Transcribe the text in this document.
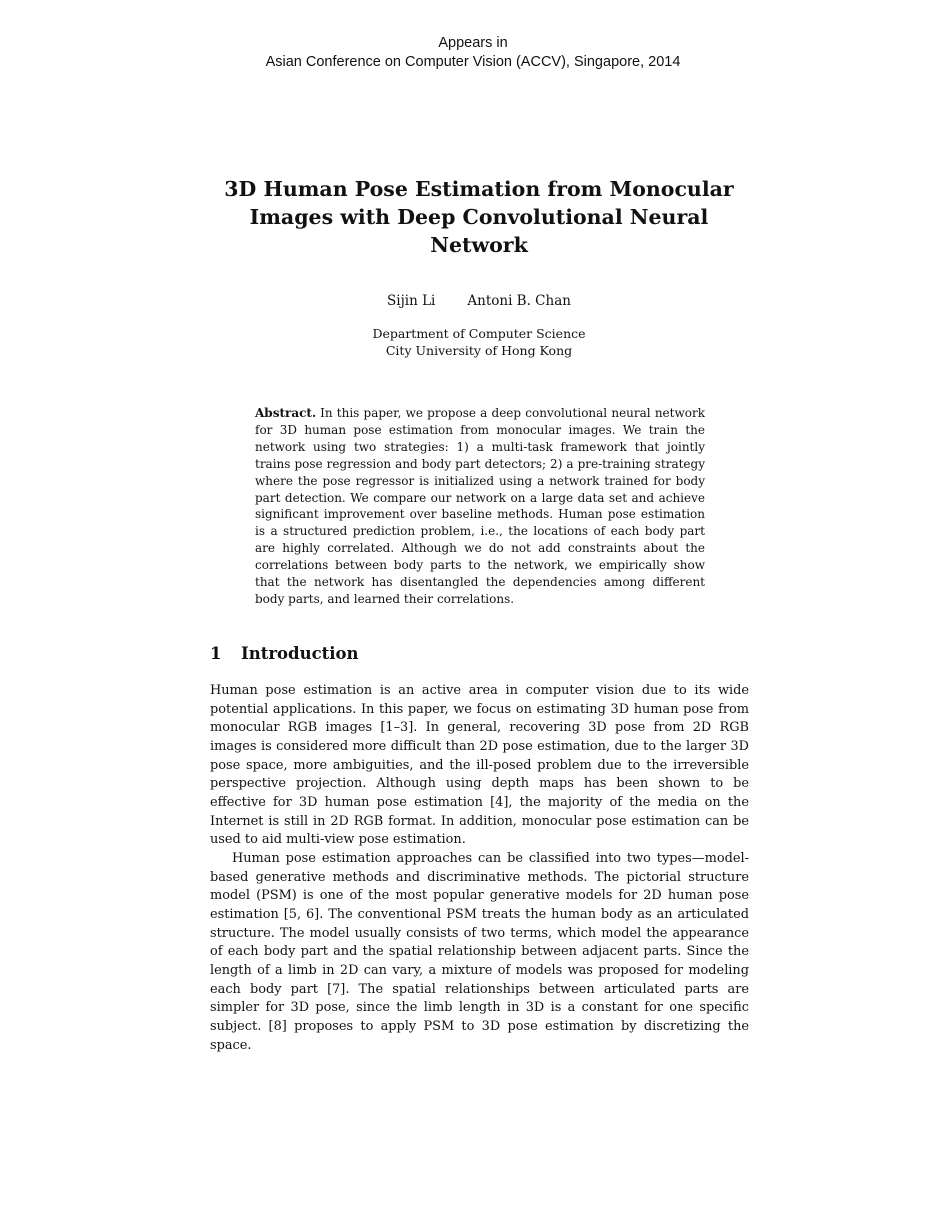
Appears in
Asian Conference on Computer Vision (ACCV), Singapore, 2014
3D Human Pose Estimation from Monocular Images with Deep Convolutional Neural Network
Sijin Li Antoni B. Chan
Department of Computer Science
City University of Hong Kong
Abstract. In this paper, we propose a deep convolutional neural network for 3D human pose estimation from monocular images. We train the network using two strategies: 1) a multi-task framework that jointly trains pose regression and body part detectors; 2) a pre-training strategy where the pose regressor is initialized using a network trained for body part detection. We compare our network on a large data set and achieve significant improvement over baseline methods. Human pose estimation is a structured prediction problem, i.e., the locations of each body part are highly correlated. Although we do not add constraints about the correlations between body parts to the network, we empirically show that the network has disentangled the dependencies among different body parts, and learned their correlations.
1 Introduction

Human pose estimation is an active area in computer vision due to its wide potential applications. In this paper, we focus on estimating 3D human pose from monocular RGB images [1–3]. In general, recovering 3D pose from 2D RGB images is considered more difficult than 2D pose estimation, due to the larger 3D pose space, more ambiguities, and the ill-posed problem due to the irreversible perspective projection. Although using depth maps has been shown to be effective for 3D human pose estimation [4], the majority of the media on the Internet is still in 2D RGB format. In addition, monocular pose estimation can be used to aid multi-view pose estimation.

Human pose estimation approaches can be classified into two types—model-based generative methods and discriminative methods. The pictorial structure model (PSM) is one of the most popular generative models for 2D human pose estimation [5, 6]. The conventional PSM treats the human body as an articulated structure. The model usually consists of two terms, which model the appearance of each body part and the spatial relationship between adjacent parts. Since the length of a limb in 2D can vary, a mixture of models was proposed for modeling each body part [7]. The spatial relationships between articulated parts are simpler for 3D pose, since the limb length in 3D is a constant for one specific subject. [8] proposes to apply PSM to 3D pose estimation by discretizing the space.
